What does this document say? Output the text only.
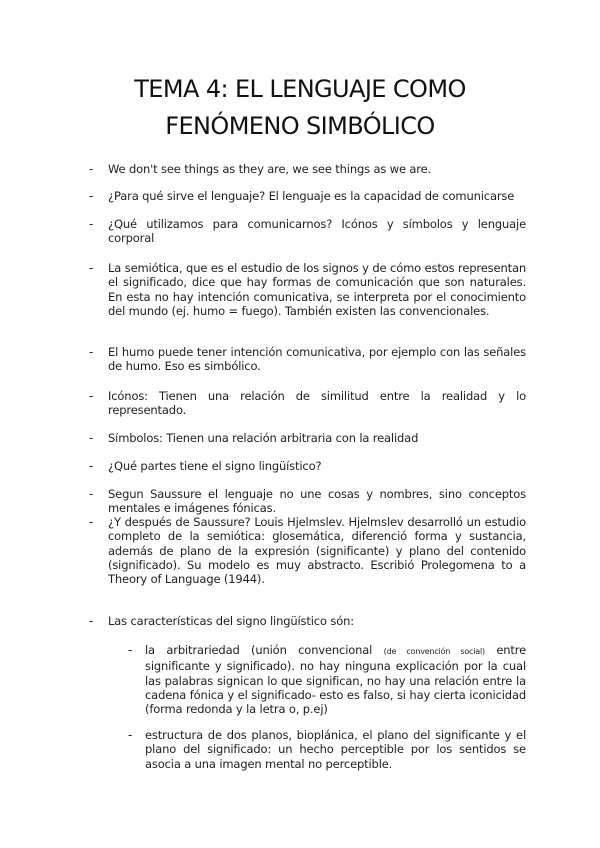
TEMA 4: EL LENGUAJE COMO
FENÓMENO SIMBÓLICO
- We don't see things as they are, we see things as we are.
- ¿Para qué sirve el lenguaje? El lenguaje es la capacidad de comunicarse
- ¿Qué utilizamos para comunicarnos? Icónos y símbolos y lenguaje corporal
- La semiótica, que es el estudio de los signos y de cómo estos representan el significado, dice que hay formas de comunicación que son naturales. En esta no hay intención comunicativa, se interpreta por el conocimiento del mundo (ej. humo = fuego). También existen las convencionales.
- El humo puede tener intención comunicativa, por ejemplo con las señales de humo. Eso es simbólico.
- Icónos: Tienen una relación de similitud entre la realidad y lo representado.
- Símbolos: Tienen una relación arbitraria con la realidad
- ¿Qué partes tiene el signo lingüístico?
- Segun Saussure el lenguaje no une cosas y nombres, sino conceptos mentales e imágenes fónicas.
- ¿Y después de Saussure? Louis Hjelmslev. Hjelmslev desarrolló un estudio completo de la semiótica: glosemática, diferenció forma y sustancia, además de plano de la expresión (significante) y plano del contenido (significado). Su modelo es muy abstracto. Escribió Prolegomena to a Theory of Language (1944).
- Las características del signo lingüístico són:
- la arbitrariedad (unión convencional (de convención social) entre significante y significado). no hay ninguna explicación por la cual las palabras signican lo que significan, no hay una relación entre la cadena fónica y el significado- esto es falso, si hay cierta iconicidad (forma redonda y la letra o, p.ej)
- estructura de dos planos, bioplánica, el plano del significante y el plano del significado: un hecho perceptible por los sentidos se asocia a una imagen mental no perceptible.
